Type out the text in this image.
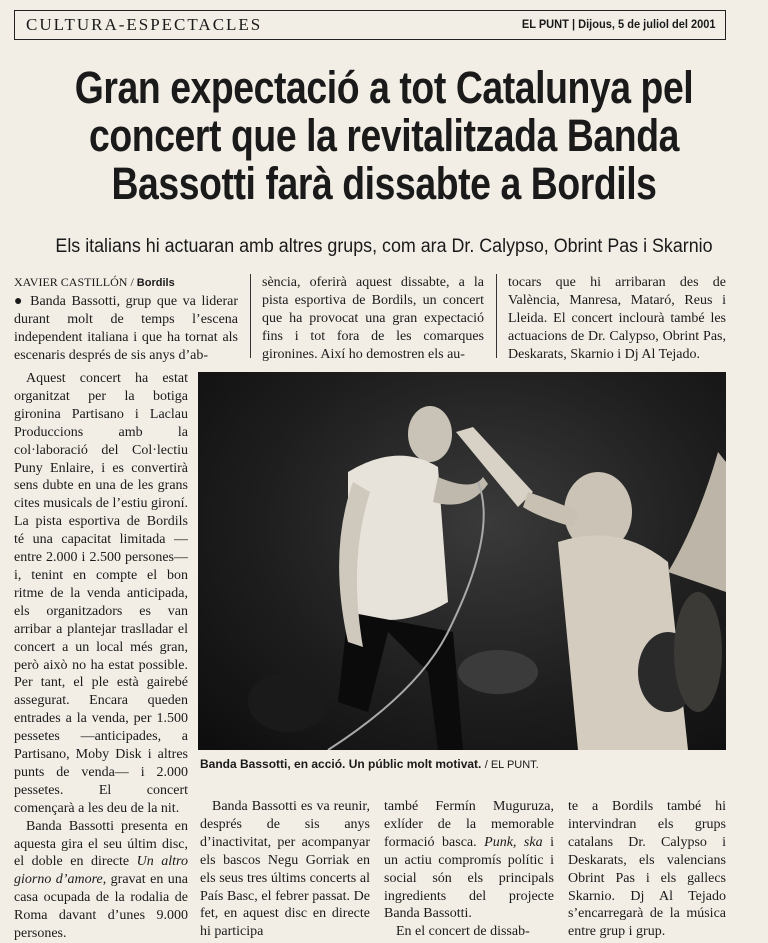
CULTURA-ESPECTACLES	EL PUNT | Dijous, 5 de juliol del 2001
Gran expectació a tot Catalunya pel concert que la revitalitzada Banda Bassotti farà dissabte a Bordils
Els italians hi actuaran amb altres grups, com ara Dr. Calypso, Obrint Pas i Skarnio
XAVIER CASTILLÓN / Bordils

● Banda Bassotti, grup que va liderar durant molt de temps l’escena independent italiana i que ha tornat als escenaris després de sis anys d’ab-

sència, oferirà aquest dissabte, a la pista esportiva de Bordils, un concert que ha provocat una gran expectació fins i tot fora de les comarques gironines. Així ho demostren els au-

tocars que hi arribaran des de València, Manresa, Mataró, Reus i Lleida. El concert inclourà també les actuacions de Dr. Calypso, Obrint Pas, Deskarats, Skarnio i Dj Al Tejado.

Aquest concert ha estat organitzat per la botiga gironina Partisano i Laclau Produccions amb la col·laboració del Col·lectiu Puny Enlaire, i es convertirà sens dubte en una de les grans cites musicals de l’estiu gironí. La pista esportiva de Bordils té una capacitat limitada —entre 2.000 i 2.500 persones— i, tenint en compte el bon ritme de la venda anticipada, els organitzadors es van arribar a plantejar traslladar el concert a un local més gran, però això no ha estat possible. Per tant, el ple està gairebé assegurat. Encara queden entrades a la venda, per 1.500 pessetes —anticipades, a Partisano, Moby Disk i altres punts de venda— i 2.000 pessetes. El concert començarà a les deu de la nit.

Banda Bassotti presenta en aquesta gira el seu últim disc, el doble en directe Un altro giorno d’amore, gravat en una casa ocupada de la rodalia de Roma davant d’unes 9.000 persones.

Banda Bassotti, en acció. Un públic molt motivat. / EL PUNT.

Banda Bassotti es va reunir, després de sis anys d’inactivitat, per acompanyar els bascos Negu Gorriak en els seus tres últims concerts al País Basc, el febrer passat. De fet, en aquest disc en directe hi participa

també Fermín Muguruza, exlíder de la memorable formació basca. Punk, ska i un actiu compromís polític i social són els principals ingredients del projecte Banda Bassotti.

En el concert de dissab-

te a Bordils també hi intervindran els grups catalans Dr. Calypso i Deskarats, els valencians Obrint Pas i els gallecs Skarnio. Dj Al Tejado s’encarregarà de la música entre grup i grup.
